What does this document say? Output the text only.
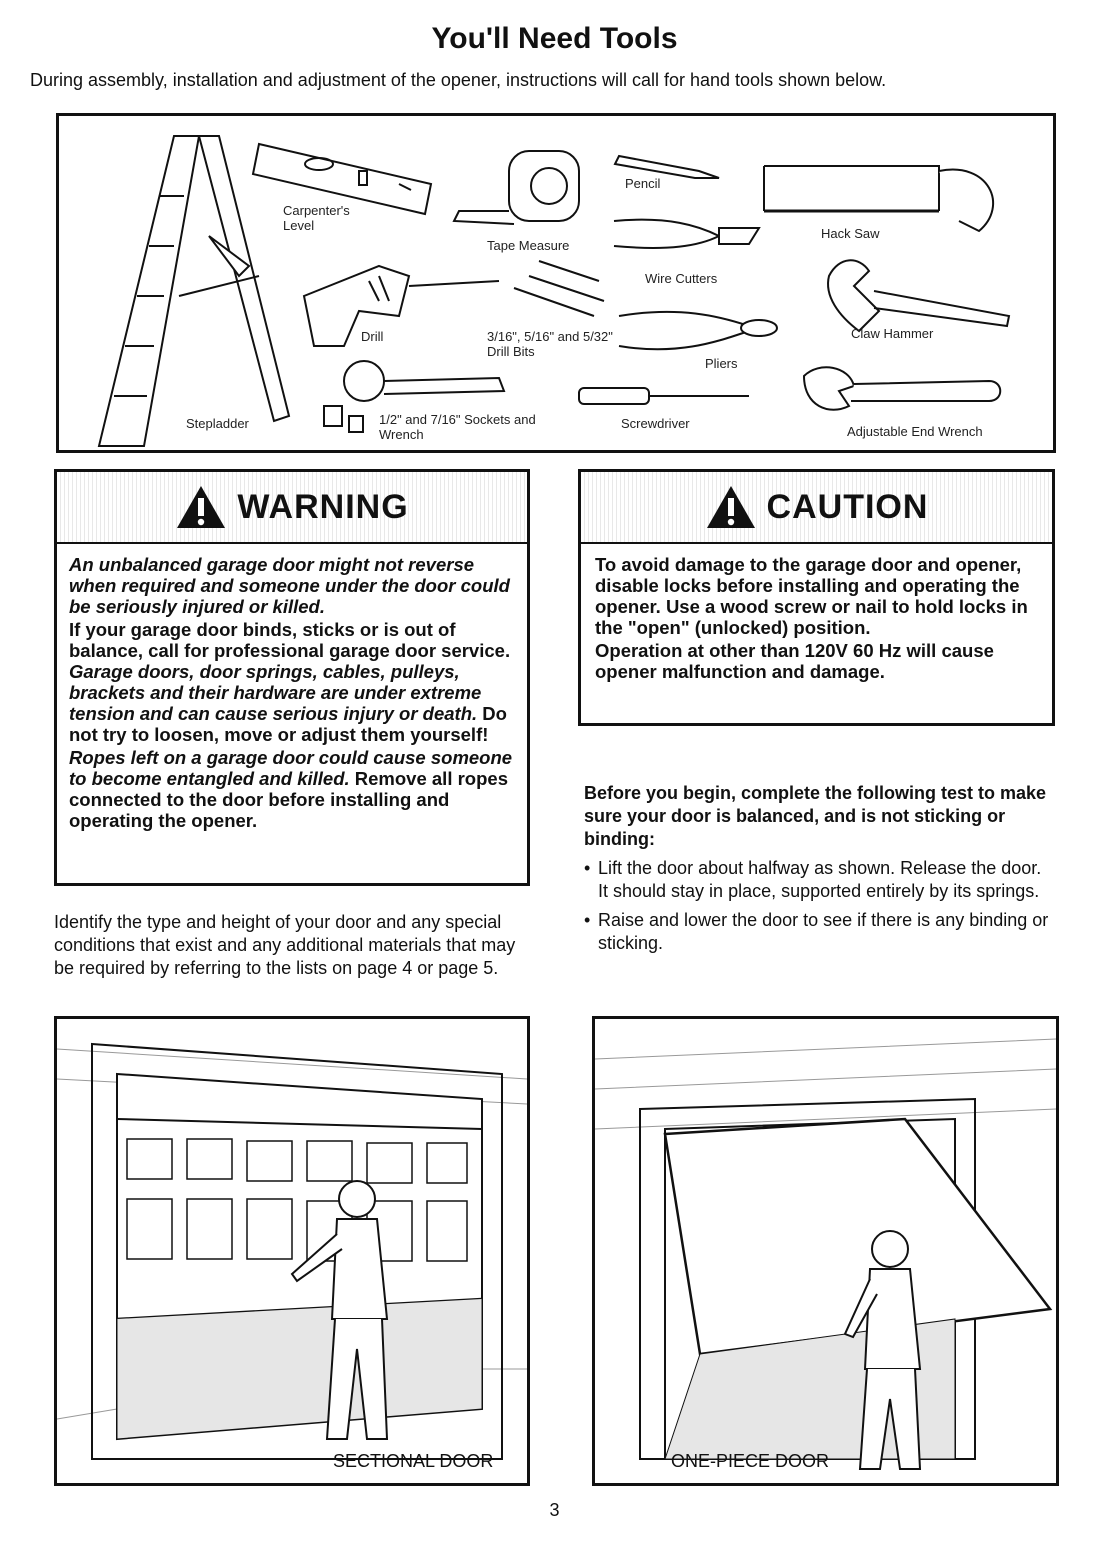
You'll Need Tools
During assembly, installation and adjustment of the opener, instructions will call for hand tools shown below.
Carpenter's Level
Tape Measure
Pencil
Hack Saw
Drill	3/16", 5/16" and 5/32" Drill Bits
Wire Cutters
Claw Hammer
Pliers
Stepladder	1/2" and 7/16" Sockets and Wrench
Screwdriver
Adjustable End Wrench
WARNING

An unbalanced garage door might not reverse when required and someone under the door could be seriously injured or killed.

If your garage door binds, sticks or is out of balance, call for professional garage door service. Garage doors, door springs, cables, pulleys, brackets and their hardware are under extreme tension and can cause serious injury or death. Do not try to loosen, move or adjust them yourself!

Ropes left on a garage door could cause someone to become entangled and killed. Remove all ropes connected to the door before installing and operating the opener.

CAUTION

To avoid damage to the garage door and opener, disable locks before installing and operating the opener. Use a wood screw or nail to hold locks in the "open" (unlocked) position.

Operation at other than 120V 60 Hz will cause opener malfunction and damage.

Identify the type and height of your door and any special conditions that exist and any additional materials that may be required by referring to the lists on page 4 or page 5.

Before you begin, complete the following test to make sure your door is balanced, and is not sticking or binding:

• Lift the door about halfway as shown. Release the door. It should stay in place, supported entirely by its springs.
• Raise and lower the door to see if there is any binding or sticking.
SECTIONAL DOOR	ONE-PIECE DOOR
3
